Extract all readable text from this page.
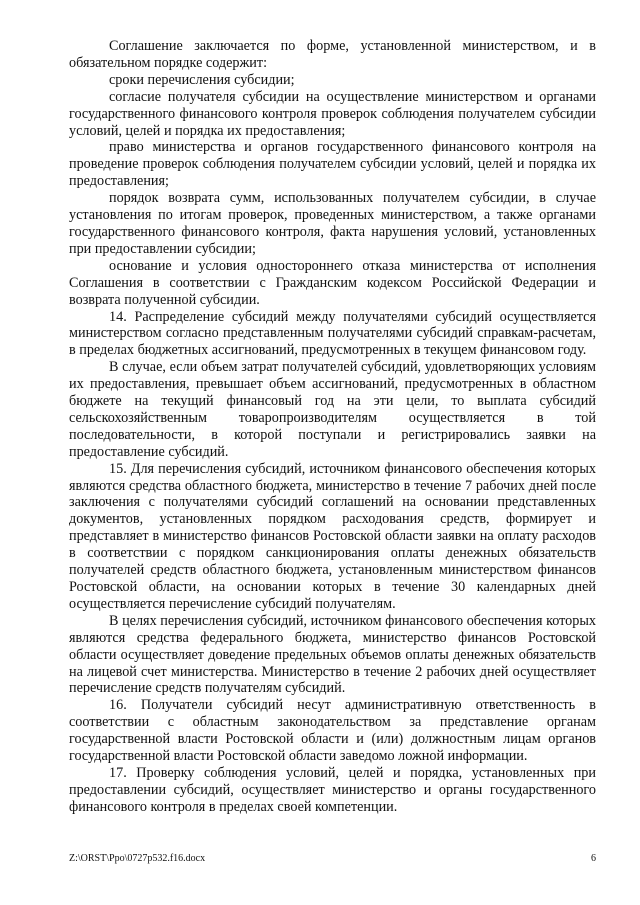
Соглашение заключается по форме, установленной министерством, и в обязательном порядке содержит:

сроки перечисления субсидии;

согласие получателя субсидии на осуществление министерством и органами государственного финансового контроля проверок соблюдения получателем субсидии условий, целей и порядка их предоставления;

право министерства и органов государственного финансового контроля на проведение проверок соблюдения получателем субсидии условий, целей и порядка их предоставления;

порядок возврата сумм, использованных получателем субсидии, в случае установления по итогам проверок, проведенных министерством, а также органами государственного финансового контроля, факта нарушения условий, установленных при предоставлении субсидии;

основание и условия одностороннего отказа министерства от исполнения Соглашения в соответствии с Гражданским кодексом Российской Федерации и возврата полученной субсидии.

14. Распределение субсидий между получателями субсидий осуществляется министерством согласно представленным получателями субсидий справкам-расчетам, в пределах бюджетных ассигнований, предусмотренных в текущем финансовом году.

В случае, если объем затрат получателей субсидий, удовлетворяющих условиям их предоставления, превышает объем ассигнований, предусмотренных в областном бюджете на текущий финансовый год на эти цели, то выплата субсидий сельскохозяйственным товаропроизводителям осуществляется в той последовательности, в которой поступали и регистрировались заявки на предоставление субсидий.

15. Для перечисления субсидий, источником финансового обеспечения которых являются средства областного бюджета, министерство в течение 7 рабочих дней после заключения с получателями субсидий соглашений на основании представленных документов, установленных порядком расходования средств, формирует и представляет в министерство финансов Ростовской области заявки на оплату расходов в соответствии с порядком санкционирования оплаты денежных обязательств получателей средств областного бюджета, установленным министерством финансов Ростовской области, на основании которых в течение 30 календарных дней осуществляется перечисление субсидий получателям.

В целях перечисления субсидий, источником финансового обеспечения которых являются средства федерального бюджета, министерство финансов Ростовской области осуществляет доведение предельных объемов оплаты денежных обязательств на лицевой счет министерства. Министерство в течение 2 рабочих дней осуществляет перечисление средств получателям субсидий.

16. Получатели субсидий несут административную ответственность в соответствии с областным законодательством за представление органам государственной власти Ростовской области и (или) должностным лицам органов государственной власти Ростовской области заведомо ложной информации.

17. Проверку соблюдения условий, целей и порядка, установленных при предоставлении субсидий, осуществляет министерство и органы государственного финансового контроля в пределах своей компетенции.

Z:\ORST\Ppo\0727p532.f16.docx	6
